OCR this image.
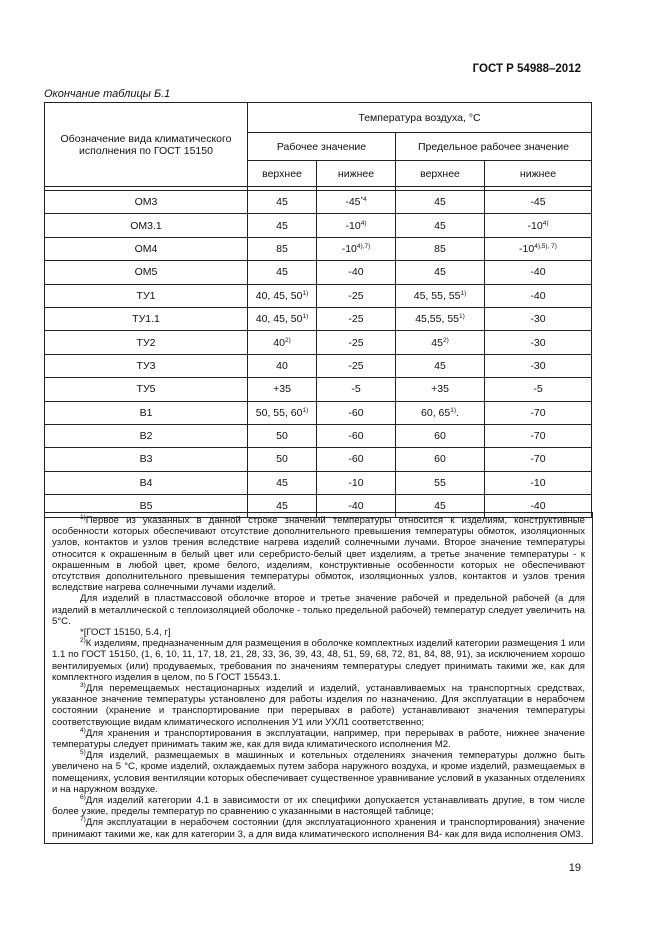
ГОСТ Р 54988–2012
Окончание таблицы Б.1
Обозначение вида климатического исполнения по ГОСТ 15150	Температура воздуха, °С			
	Рабочее значение		Предельное рабочее значение	
	верхнее	нижнее	верхнее	нижнее

ОМ3	45	-45$^{*4}$	45	-45
ОМ3.1	45	-10$^{4)}$	45	-10$^{4)}$
ОМ4	85	$-10^{4),7)}$	85	$-10^{4),5), 7)}$
ОМ5	45	-40	45	-40
ТУ1	40, 45, 50$^{1)}$	-25	45, 55, 55$^{1)}$	-40
ТУ1.1	40, 45, 50$^{1)}$	-25	45,55, 55$^{1)}$	-30
ТУ2	40$^{2)}$	-25	45$^{2)}$	-30
ТУ3	40	-25	45	-30
ТУ5	+35	-5	+35	-5
В1	50, 55, 60$^{1)}$	-60	60, 65$^{1)}$.	-70
В2	50	-60	60	-70
В3	50	-60	60	-70
В4	45	-10	55	-10
В5	45	-40	45	-40

$^{1)}$Первое из указанных в данной строке значений температуры относится к изделиям, конструктивные особенности которых обеспечивают отсутствие дополнительного превышения температуры обмоток, изоляционных узлов, контактов и узлов трения вследствие нагрева изделий солнечными лучами. Второе значение температуры относится к окрашенным в белый цвет или серебристо-белый цвет изделиям, а третье значение температуры - к окрашенным в любой цвет, кроме белого, изделиям, конструктивные особенности которых не обеспечивают отсутствия дополнительного превышения температуры обмоток, изоляционных узлов, контактов и узлов трения вследствие нагрева солнечными лучами изделий.

Для изделий в пластмассовой оболочке второе и третье значение рабочей и предельной рабочей (а для изделий в металлической с теплоизоляцией оболочке - только предельной рабочей) температур следует увеличить на 5°С.

*[ГОСТ 15150, 5.4, г]

$^{2)}$К изделиям, предназначенным для размещения в оболочке комплектных изделий категории размещения 1 или 1.1 по ГОСТ 15150, (1, 6, 10, 11, 17, 18, 21, 28, 33, 36, 39, 43, 48, 51, 59, 68, 72, 81, 84, 88, 91), за исключением хорошо вентилируемых (или) продуваемых, требования по значениям температуры следует принимать такими же, как для комплектного изделия в целом, по 5 ГОСТ 15543.1.

$^{3)}$Для перемещаемых нестационарных изделий и изделий, устанавливаемых на транспортных средствах, указанное значение температуры установлено для работы изделия по назначению. Для эксплуатации в нерабочем состоянии (хранение и транспортирование при перерывах в работе) устанавливают значения температуры соответствующие видам климатического исполнения У1 или УХЛ1 соответственно;

$^{4)}$Для хранения и транспортирования в эксплуатации, например, при перерывах в работе, нижнее значение температуры следует принимать таким же, как для вида климатического исполнения М2.

$^{5)}$Для изделий, размещаемых в машинных и котельных отделениях значения температуры должно быть увеличено на 5 °С, кроме изделий, охлаждаемых путем забора наружного воздуха, и кроме изделий, размещаемых в помещениях, условия вентиляции которых обеспечивает существенное уравнивание условий в указанных отделениях и на наружном воздухе.

$^{6)}$Для изделий категории 4.1 в зависимости от их специфики допускается устанавливать другие, в том числе более узкие, пределы температур по сравнению с указанными в настоящей таблице;

$^{7)}$Для эксплуатации в нерабочем состоянии (для эксплуатационного хранения и транспортирования) значение принимают такими же, как для категории 3, а для вида климатического исполнения В4- как для вида исполнения ОМ3.

19
